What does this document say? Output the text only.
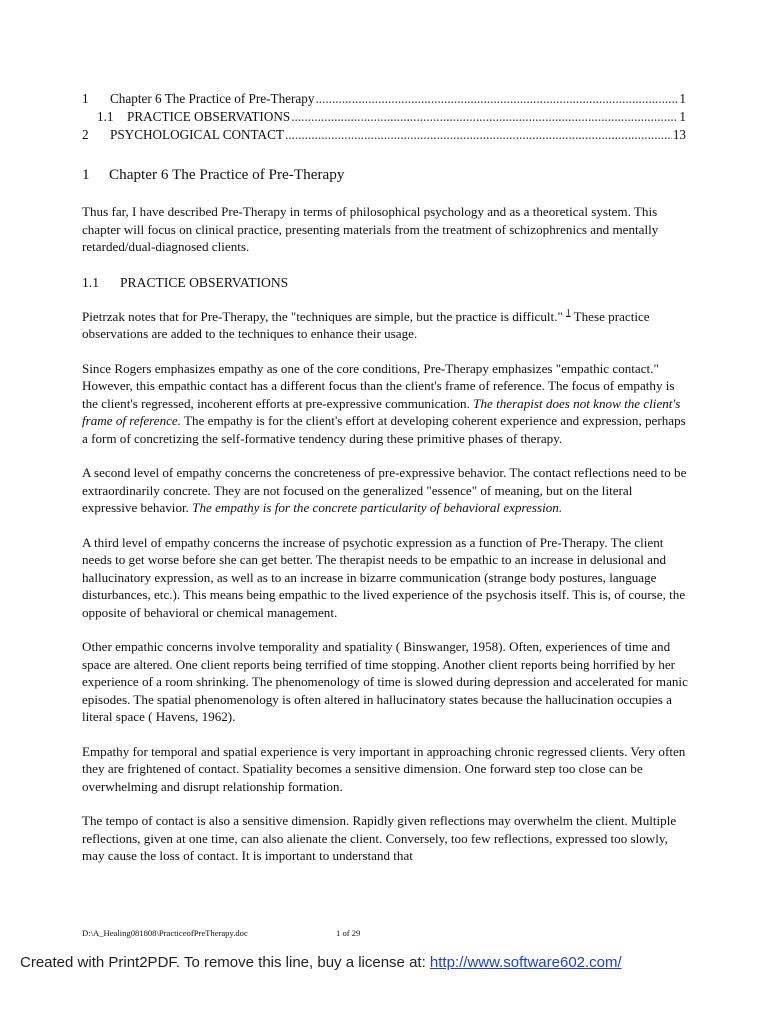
1	Chapter 6 The Practice of Pre-Therapy .....	1
1.1	PRACTICE OBSERVATIONS .....	1
2	PSYCHOLOGICAL CONTACT .....	13
1	Chapter 6 The Practice of Pre-Therapy

Thus far, I have described Pre-Therapy in terms of philosophical psychology and as a theoretical system. This chapter will focus on clinical practice, presenting materials from the treatment of schizophrenics and mentally retarded/dual-diagnosed clients.

1.1	PRACTICE OBSERVATIONS

Pietrzak notes that for Pre-Therapy, the "techniques are simple, but the practice is difficult." $^1$ These practice observations are added to the techniques to enhance their usage.

Since Rogers emphasizes empathy as one of the core conditions, Pre-Therapy emphasizes "empathic contact." However, this empathic contact has a different focus than the client's frame of reference. The focus of empathy is the client's regressed, incoherent efforts at pre-expressive communication. The therapist does not know the client's frame of reference. The empathy is for the client's effort at developing coherent experience and expression, perhaps a form of concretizing the self-formative tendency during these primitive phases of therapy.

A second level of empathy concerns the concreteness of pre-expressive behavior. The contact reflections need to be extraordinarily concrete. They are not focused on the generalized "essence" of meaning, but on the literal expressive behavior. The empathy is for the concrete particularity of behavioral expression.

A third level of empathy concerns the increase of psychotic expression as a function of Pre-Therapy. The client needs to get worse before she can get better. The therapist needs to be empathic to an increase in delusional and hallucinatory expression, as well as to an increase in bizarre communication (strange body postures, language disturbances, etc.). This means being empathic to the lived experience of the psychosis itself. This is, of course, the opposite of behavioral or chemical management.

Other empathic concerns involve temporality and spatiality ( Binswanger, 1958). Often, experiences of time and space are altered. One client reports being terrified of time stopping. Another client reports being horrified by her experience of a room shrinking. The phenomenology of time is slowed during depression and accelerated for manic episodes. The spatial phenomenology is often altered in hallucinatory states because the hallucination occupies a literal space ( Havens, 1962).

Empathy for temporal and spatial experience is very important in approaching chronic regressed clients. Very often they are frightened of contact. Spatiality becomes a sensitive dimension. One forward step too close can be overwhelming and disrupt relationship formation.

The tempo of contact is also a sensitive dimension. Rapidly given reflections may overwhelm the client. Multiple reflections, given at one time, can also alienate the client. Conversely, too few reflections, expressed too slowly, may cause the loss of contact. It is important to understand that

D:\A_Healing081808\PracticeofPreTherapy.doc	1 of 29
Created with Print2PDF. To remove this line, buy a license at: http://www.software602.com/
